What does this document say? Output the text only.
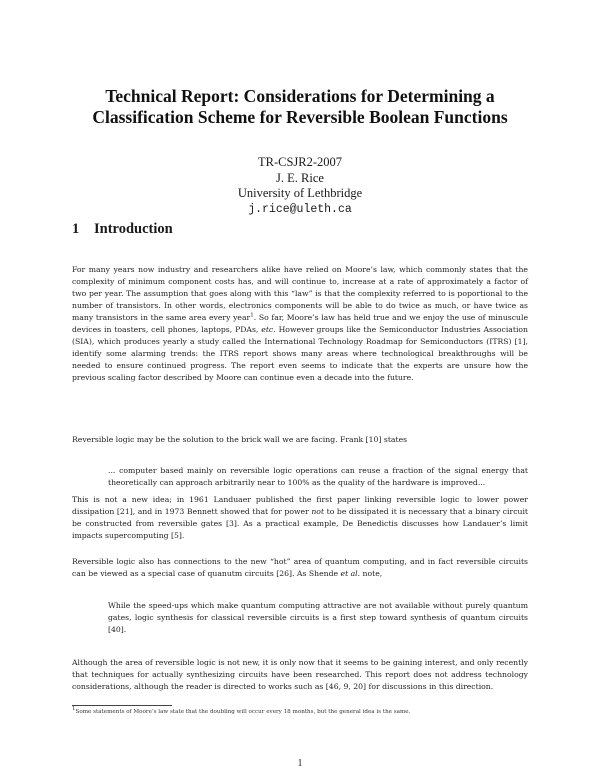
Technical Report: Considerations for Determining a
Classification Scheme for Reversible Boolean Functions
TR-CSJR2-2007
J. E. Rice
University of Lethbridge
j.rice@uleth.ca
1 Introduction
For many years now industry and researchers alike have relied on Moore’s law, which commonly states that the complexity of minimum component costs has, and will continue to, increase at a rate of approximately a factor of two per year. The assumption that goes along with this “law” is that the complexity referred to is poportional to the number of transistors. In other words, electronics components will be able to do twice as much, or have twice as many transistors in the same area every year$^1$. So far, Moore’s law has held true and we enjoy the use of minuscule devices in toasters, cell phones, laptops, PDAs, etc. However groups like the Semiconductor Industries Association (SIA), which produces yearly a study called the International Technology Roadmap for Semiconductors (ITRS) [1], identify some alarming trends: the ITRS report shows many areas where technological breakthroughs will be needed to ensure continued progress. The report even seems to indicate that the experts are unsure how the previous scaling factor described by Moore can continue even a decade into the future.
Reversible logic may be the solution to the brick wall we are facing. Frank [10] states
... computer based mainly on reversible logic operations can reuse a fraction of the signal energy that theoretically can approach arbitrarily near to 100% as the quality of the hardware is improved...
This is not a new idea; in 1961 Landuaer published the first paper linking reversible logic to lower power dissipation [21], and in 1973 Bennett showed that for power not to be dissipated it is necessary that a binary circuit be constructed from reversible gates [3]. As a practical example, De Benedictis discusses how Landauer’s limit impacts supercomputing [5].
Reversible logic also has connections to the new “hot” area of quantum computing, and in fact reversible circuits can be viewed as a special case of quanutm circuits [26]. As Shende et al. note,
While the speed-ups which make quantum computing attractive are not available without purely quantum gates, logic synthesis for classical reversible circuits is a first step toward synthesis of quantum circuits [40].
Although the area of reversible logic is not new, it is only now that it seems to be gaining interest, and only recently that techniques for actually synthesizing circuits have been researched. This report does not address technology considerations, although the reader is directed to works such as [46, 9, 20] for discussions in this direction.
1Some statements of Moore’s law state that the doubling will occur every 18 months, but the general idea is the same.
1
